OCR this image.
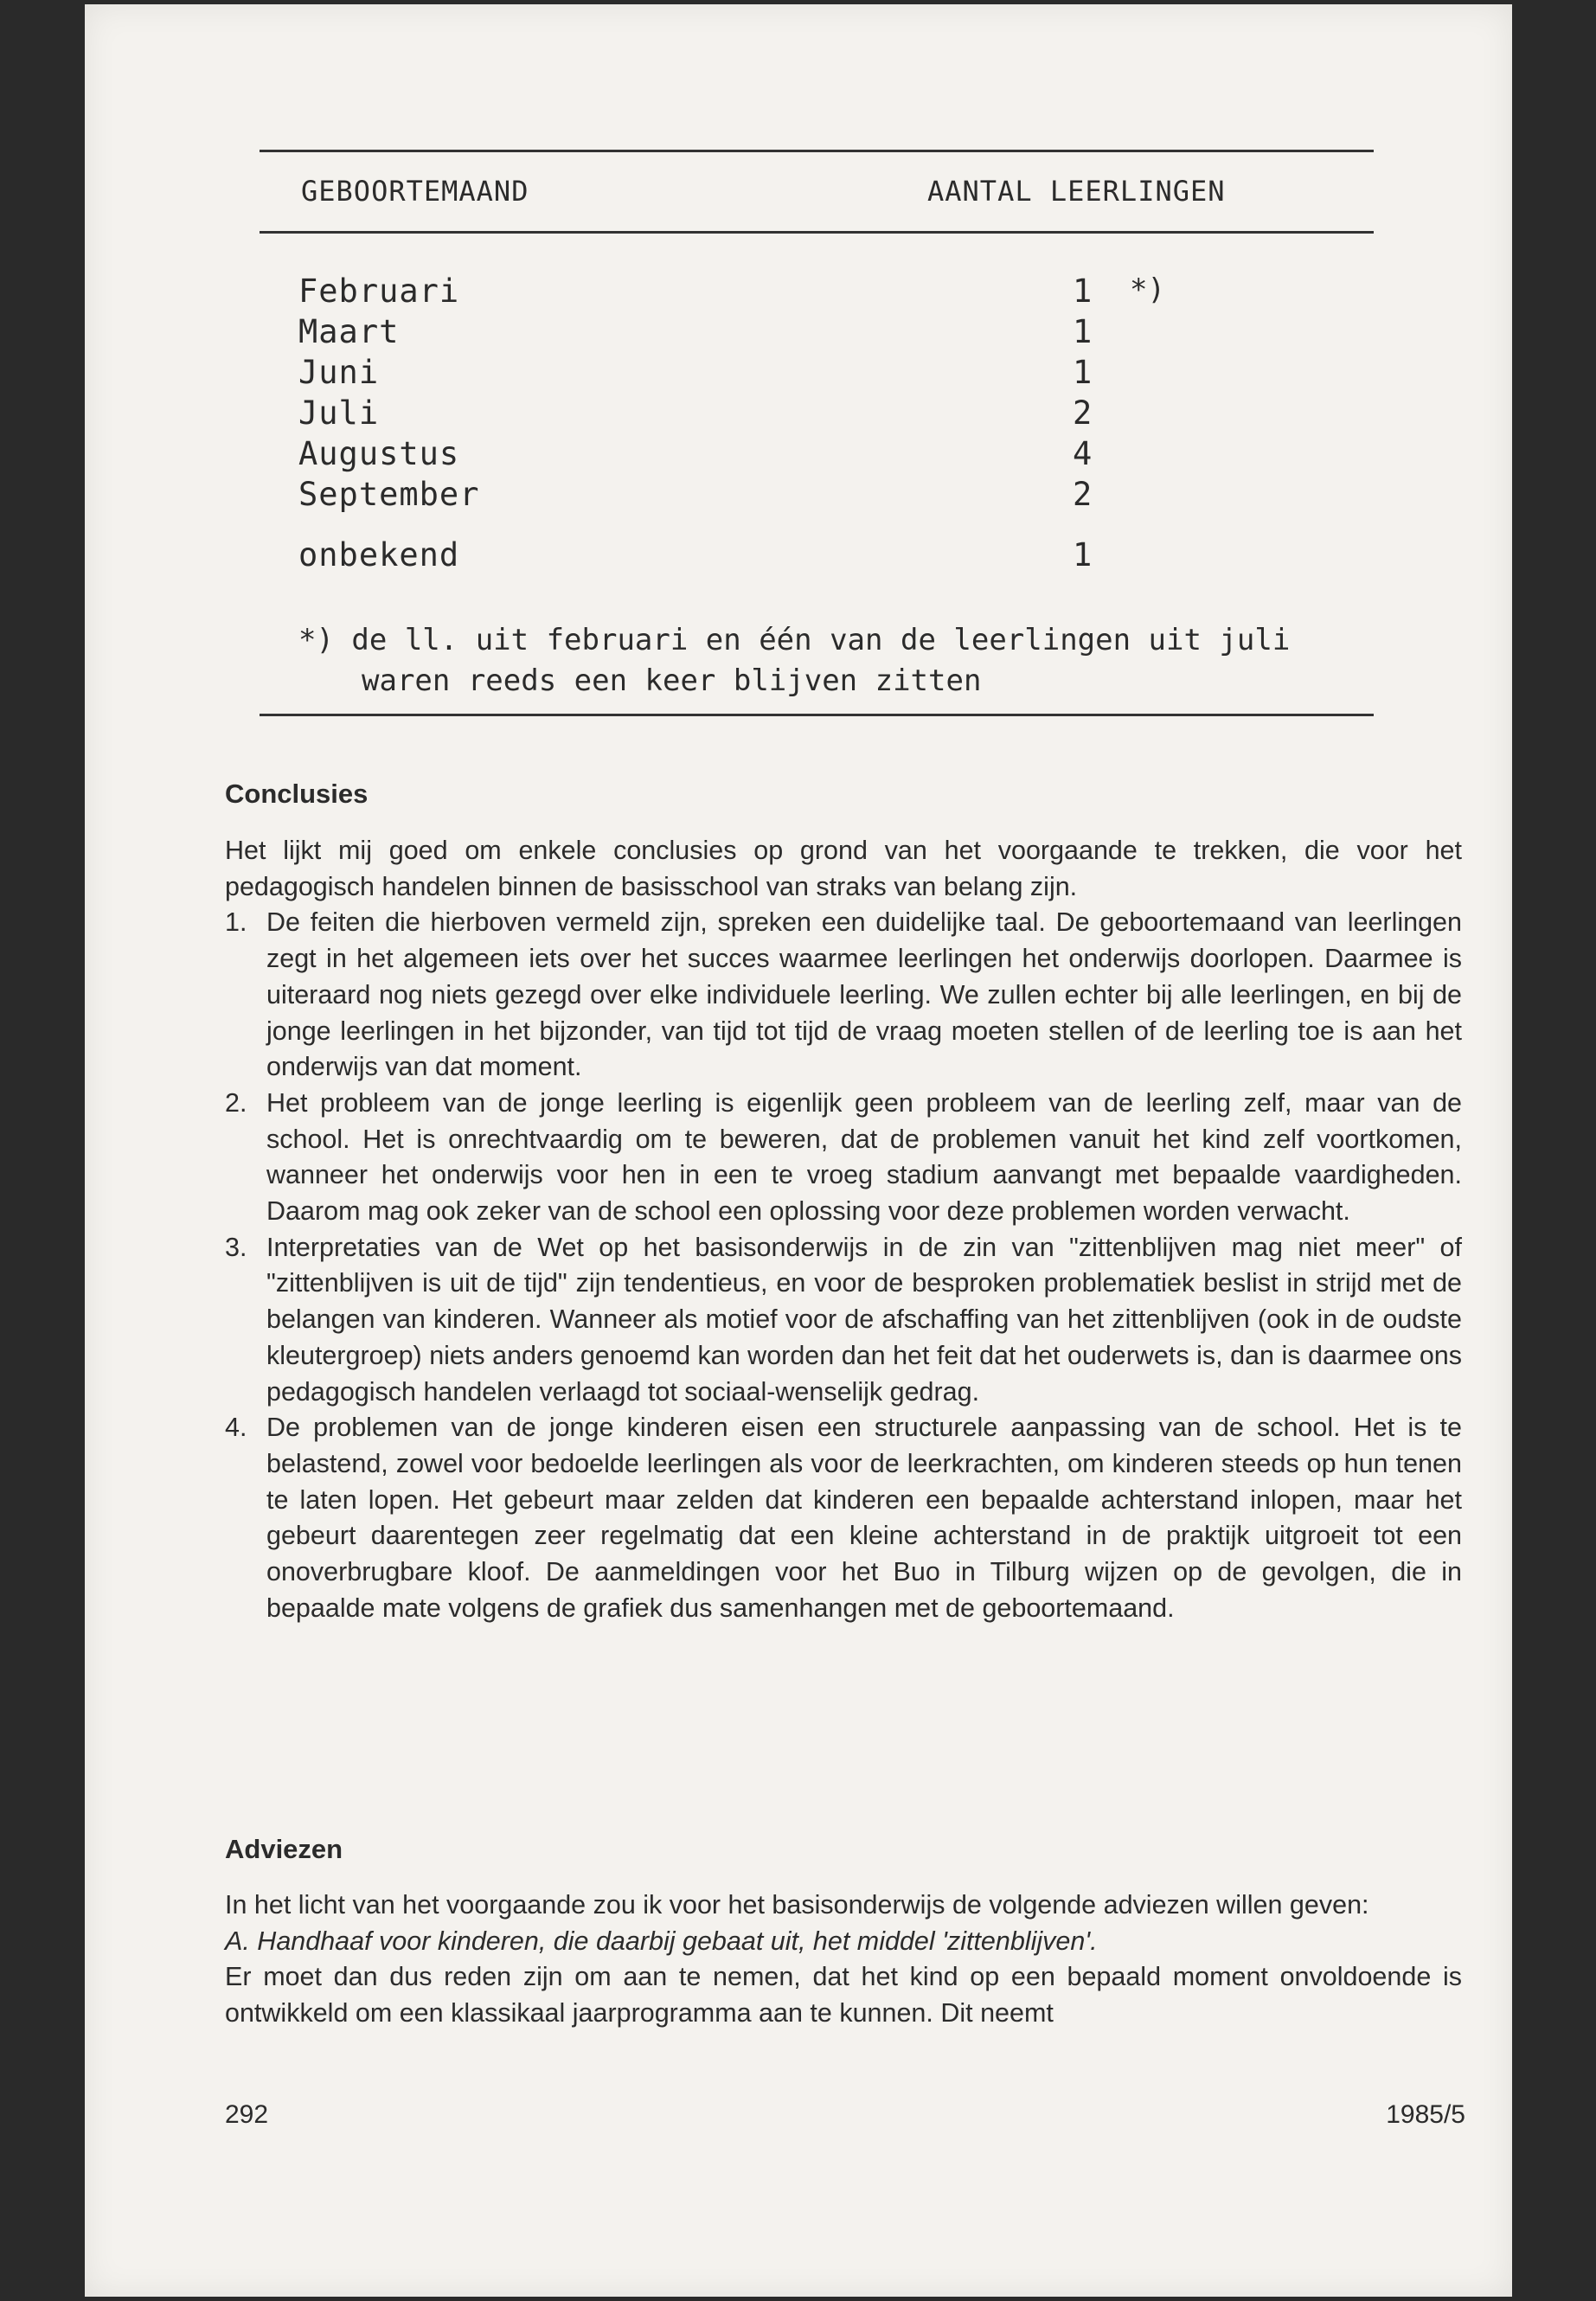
GEBOORTEMAAND	AANTAL LEERLINGEN
Februari	1 *)
Maart	1
Juni	1
Juli	2
Augustus	4
September	2
onbekend	1
*) de ll. uit februari en één van de leerlingen uit juli
waren reeds een keer blijven zitten
Conclusies
Het lijkt mij goed om enkele conclusies op grond van het voorgaande te trekken, die voor het pedagogisch handelen binnen de basisschool van straks van belang zijn.
1. De feiten die hierboven vermeld zijn, spreken een duidelijke taal. De geboortemaand van leerlingen zegt in het algemeen iets over het succes waarmee leerlingen het onderwijs doorlopen. Daarmee is uiteraard nog niets gezegd over elke individuele leerling. We zullen echter bij alle leerlingen, en bij de jonge leerlingen in het bijzonder, van tijd tot tijd de vraag moeten stellen of de leerling toe is aan het onderwijs van dat moment.
2. Het probleem van de jonge leerling is eigenlijk geen probleem van de leerling zelf, maar van de school. Het is onrechtvaardig om te beweren, dat de problemen vanuit het kind zelf voortkomen, wanneer het onderwijs voor hen in een te vroeg stadium aanvangt met bepaalde vaardigheden. Daarom mag ook zeker van de school een oplossing voor deze problemen worden verwacht.
3. Interpretaties van de Wet op het basisonderwijs in de zin van "zittenblijven mag niet meer" of "zittenblijven is uit de tijd" zijn tendentieus, en voor de besproken problematiek beslist in strijd met de belangen van kinderen. Wanneer als motief voor de afschaffing van het zittenblijven (ook in de oudste kleutergroep) niets anders genoemd kan worden dan het feit dat het ouderwets is, dan is daarmee ons pedagogisch handelen verlaagd tot sociaal-wenselijk gedrag.
4. De problemen van de jonge kinderen eisen een structurele aanpassing van de school. Het is te belastend, zowel voor bedoelde leerlingen als voor de leerkrachten, om kinderen steeds op hun tenen te laten lopen. Het gebeurt maar zelden dat kinderen een bepaalde achterstand inlopen, maar het gebeurt daarentegen zeer regelmatig dat een kleine achterstand in de praktijk uitgroeit tot een onoverbrugbare kloof. De aanmeldingen voor het Buo in Tilburg wijzen op de gevolgen, die in bepaalde mate volgens de grafiek dus samenhangen met de geboortemaand.
Adviezen
In het licht van het voorgaande zou ik voor het basisonderwijs de volgende adviezen willen geven:
A. Handhaaf voor kinderen, die daarbij gebaat uit, het middel 'zittenblijven'.
Er moet dan dus reden zijn om aan te nemen, dat het kind op een bepaald moment onvoldoende is ontwikkeld om een klassikaal jaarprogramma aan te kunnen. Dit neemt
292	1985/5
